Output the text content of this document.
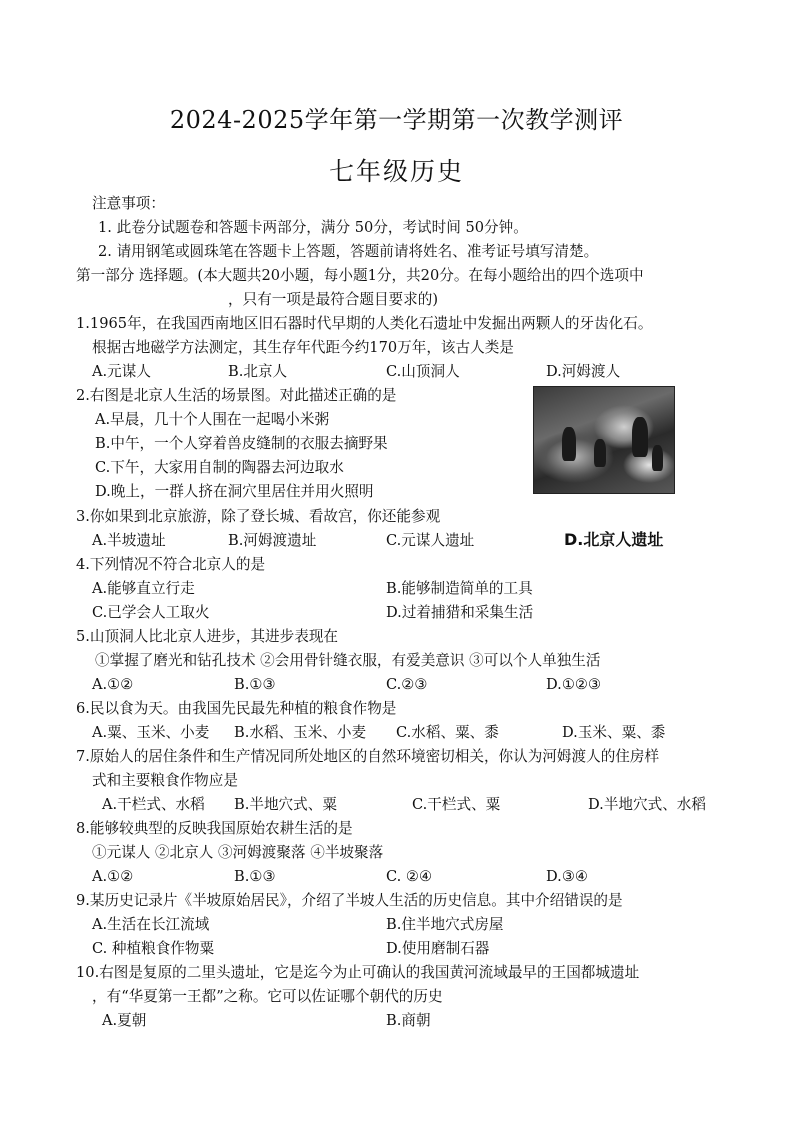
2024-2025学年第一学期第一次教学测评
七年级历史
注意事项：
1. 此卷分试题卷和答题卡两部分，满分 50分，考试时间 50分钟。
2. 请用钢笔或圆珠笔在答题卡上答题，答题前请将姓名、准考证号填写清楚。
第一部分 选择题。(本大题共20小题，每小题1分，共20分。在每小题给出的四个选项中
，只有一项是最符合题目要求的)
1.1965年，在我国西南地区旧石器时代早期的人类化石遗址中发掘出两颗人的牙齿化石。
根据古地磁学方法测定，其生存年代距今约170万年，该古人类是
A.元谋人	B.北京人	C.山顶洞人	D.河姆渡人
2.右图是北京人生活的场景图。对此描述正确的是
A.早晨，几十个人围在一起喝小米粥
B.中午，一个人穿着兽皮缝制的衣服去摘野果
C.下午，大家用自制的陶器去河边取水
D.晚上，一群人挤在洞穴里居住并用火照明
3.你如果到北京旅游，除了登长城、看故宫，你还能参观
A.半坡遗址	B.河姆渡遗址	C.元谋人遗址	D.北京人遗址
4.下列情况不符合北京人的是
A.能够直立行走	B.能够制造简单的工具
C.已学会人工取火	D.过着捕猎和采集生活
5.山顶洞人比北京人进步，其进步表现在
①掌握了磨光和钻孔技术 ②会用骨针缝衣服，有爱美意识 ③可以个人单独生活
A.①②	B.①③	C.②③	D.①②③
6.民以食为天。由我国先民最先种植的粮食作物是
A.粟、玉米、小麦 B.水稻、玉米、小麦 C.水稻、粟、黍	D.玉米、粟、黍
7.原始人的居住条件和生产情况同所处地区的自然环境密切相关，你认为河姆渡人的住房样
式和主要粮食作物应是
A.干栏式、水稻 B.半地穴式、粟	C.干栏式、粟	D.半地穴式、水稻
8.能够较典型的反映我国原始农耕生活的是
①元谋人 ②北京人 ③河姆渡聚落 ④半坡聚落
A.①②	B.①③	C. ②④	D.③④
9.某历史记录片《半坡原始居民》，介绍了半坡人生活的历史信息。其中介绍错误的是
A.生活在长江流域	B.住半地穴式房屋
C. 种植粮食作物粟	D.使用磨制石器
10.右图是复原的二里头遗址，它是迄今为止可确认的我国黄河流域最早的王国都城遗址
，有“华夏第一王都”之称。它可以佐证哪个朝代的历史
A.夏朝	B.商朝
